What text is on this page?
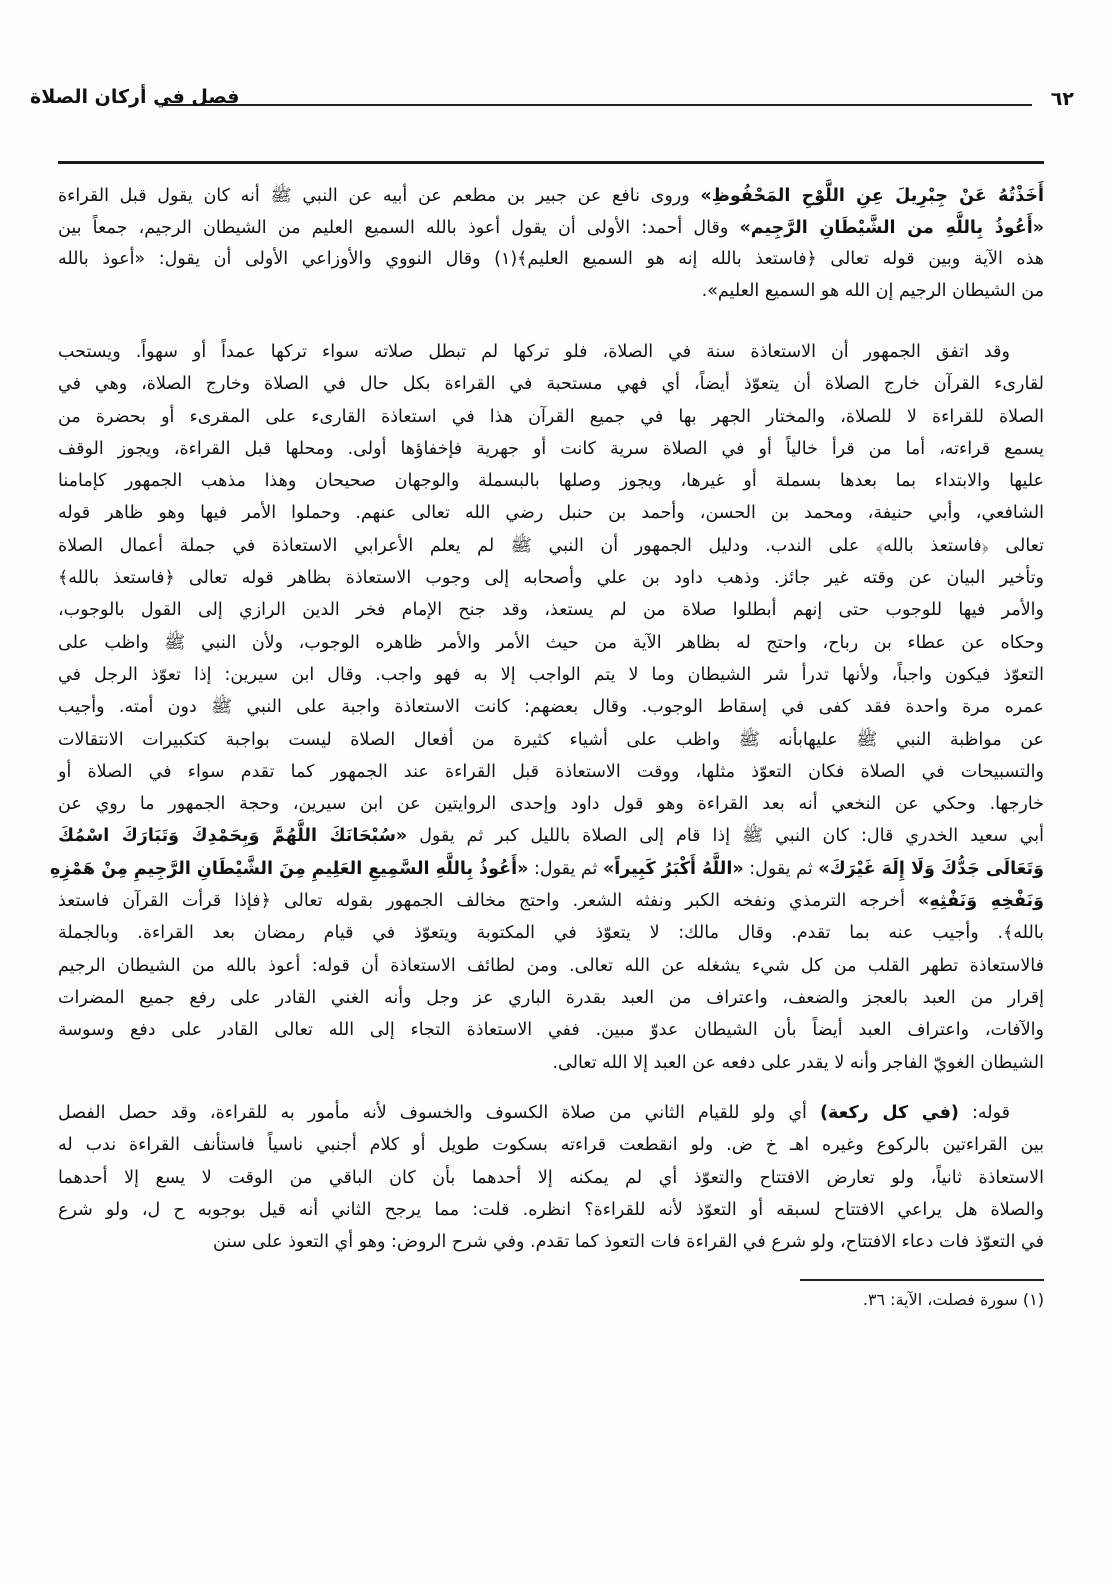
٦٢
فصل في أركان الصلاة
أَخَذْتُهُ عَنْ جِبْرِيلَ عِنِ اللَّوْحِ المَحْفُوظِ» وروى نافع عن جبير بن مطعم عن أبيه عن النبي ﷺ أنه كان يقول قبل القراءة
«أَعُوذُ بِاللَّهِ من الشَّيْطَانِ الرَّجِيم» وقال أحمد: الأولى أن يقول أعوذ بالله السميع العليم من الشيطان الرجيم، جمعاً بين
هذه الآية وبين قوله تعالى ﴿فاستعذ بالله إنه هو السميع العليم﴾(١) وقال النووي والأوزاعي الأولى أن يقول: «أعوذ بالله
من الشيطان الرجيم إن الله هو السميع العليم».
وقد اتفق الجمهور أن الاستعاذة سنة في الصلاة، فلو تركها لم تبطل صلاته سواء تركها عمداً أو سهواً. ويستحب
لقارىء القرآن خارج الصلاة أن يتعوّذ أيضاً، أي فهي مستحبة في القراءة بكل حال في الصلاة وخارج الصلاة، وهي في
الصلاة للقراءة لا للصلاة، والمختار الجهر بها في جميع القرآن هذا في استعاذة القارىء على المقرىء أو بحضرة من
يسمع قراءته، أما من قرأ خالياً أو في الصلاة سرية كانت أو جهرية فإخفاؤها أولى. ومحلها قبل القراءة، ويجوز الوقف
عليها والابتداء بما بعدها بسملة أو غيرها، ويجوز وصلها بالبسملة والوجهان صحيحان وهذا مذهب الجمهور كإمامنا
الشافعي، وأبي حنيفة، ومحمد بن الحسن، وأحمد بن حنبل رضي الله تعالى عنهم. وحملوا الأمر فيها وهو ظاهر قوله
تعالى ﴿فاستعذ بالله﴾ على الندب. ودليل الجمهور أن النبي ﷺ لم يعلم الأعرابي الاستعاذة في جملة أعمال الصلاة
وتأخير البيان عن وقته غير جائز. وذهب داود بن علي وأصحابه إلى وجوب الاستعاذة بظاهر قوله تعالى ﴿فاستعذ بالله﴾
والأمر فيها للوجوب حتى إنهم أبطلوا صلاة من لم يستعذ، وقد جنح الإمام فخر الدين الرازي إلى القول بالوجوب،
وحكاه عن عطاء بن رباح، واحتج له بظاهر الآية من حيث الأمر والأمر ظاهره الوجوب، ولأن النبي ﷺ واظب على
التعوّذ فيكون واجباً، ولأنها تدرأ شر الشيطان وما لا يتم الواجب إلا به فهو واجب. وقال ابن سيرين: إذا تعوّذ الرجل في
عمره مرة واحدة فقد كفى في إسقاط الوجوب. وقال بعضهم: كانت الاستعاذة واجبة على النبي ﷺ دون أمته. وأجيب
عن مواظبة النبي ﷺ عليهابأنه ﷺ واظب على أشياء كثيرة من أفعال الصلاة ليست بواجبة كتكبيرات الانتقالات
والتسبيحات في الصلاة فكان التعوّذ مثلها، ووقت الاستعاذة قبل القراءة عند الجمهور كما تقدم سواء في الصلاة أو
خارجها. وحكي عن النخعي أنه بعد القراءة وهو قول داود وإحدى الروايتين عن ابن سيرين، وحجة الجمهور ما روي عن
أبي سعيد الخدري قال: كان النبي ﷺ إذا قام إلى الصلاة بالليل كبر ثم يقول «سُبْحَانَكَ اللَّهُمَّ وَبِحَمْدِكَ وَتَبَارَكَ اسْمُكَ
وَتَعَالَى جَدُّكَ وَلَا إِلَهَ غَيْرَكَ» ثم يقول: «اللَّهُ أَكْبَرُ كَبِيراً» ثم يقول: «أَعُوذُ بِاللَّهِ السَّمِيعِ العَلِيمِ مِنَ الشَّيْطَانِ الرَّجِيمِ مِنْ هَمْزِهِ
وَنَفْخِهِ وَنَفْثِهِ» أخرجه الترمذي ونفخه الكبر ونفثه الشعر. واحتج مخالف الجمهور بقوله تعالى ﴿فإذا قرأت القرآن فاستعذ
بالله﴾. وأجيب عنه بما تقدم. وقال مالك: لا يتعوّذ في المكتوبة ويتعوّذ في قيام رمضان بعد القراءة. وبالجملة
فالاستعاذة تطهر القلب من كل شيء يشغله عن الله تعالى. ومن لطائف الاستعاذة أن قوله: أعوذ بالله من الشيطان الرجيم
إقرار من العبد بالعجز والضعف، واعتراف من العبد بقدرة الباري عز وجل وأنه الغني القادر على رفع جميع المضرات
والآفات، واعتراف العبد أيضاً بأن الشيطان عدوّ مبين. ففي الاستعاذة التجاء إلى الله تعالى القادر على دفع وسوسة
الشيطان الغويّ الفاجر وأنه لا يقدر على دفعه عن العبد إلا الله تعالى.
قوله: (في كل ركعة) أي ولو للقيام الثاني من صلاة الكسوف والخسوف لأنه مأمور به للقراءة، وقد حصل الفصل
بين القراءتين بالركوع وغيره اهـ خ ض. ولو انقطعت قراءته بسكوت طويل أو كلام أجنبي ناسياً فاستأنف القراءة ندب له
الاستعاذة ثانياً، ولو تعارض الافتتاح والتعوّذ أي لم يمكنه إلا أحدهما بأن كان الباقي من الوقت لا يسع إلا أحدهما
والصلاة هل يراعي الافتتاح لسبقه أو التعوّذ لأنه للقراءة؟ انظره. قلت: مما يرجح الثاني أنه قيل بوجوبه ح ل، ولو شرع
في التعوّذ فات دعاء الافتتاح، ولو شرع في القراءة فات التعوذ كما تقدم. وفي شرح الروض: وهو أي التعوذ على سنن
(١) سورة فصلت، الآية: ٣٦.
